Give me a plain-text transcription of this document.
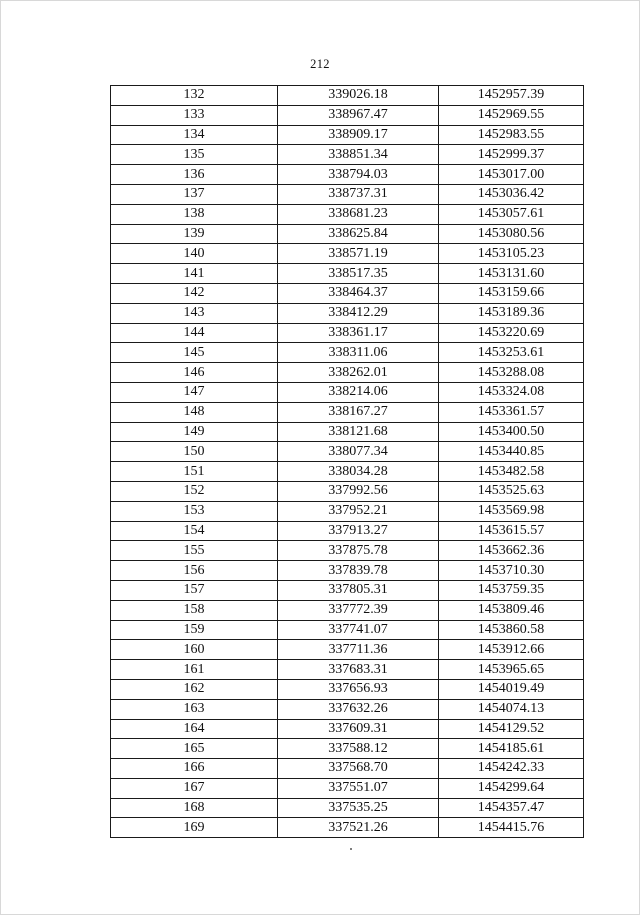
212
132	339026.18	1452957.39
133	338967.47	1452969.55
134	338909.17	1452983.55
135	338851.34	1452999.37
136	338794.03	1453017.00
137	338737.31	1453036.42
138	338681.23	1453057.61
139	338625.84	1453080.56
140	338571.19	1453105.23
141	338517.35	1453131.60
142	338464.37	1453159.66
143	338412.29	1453189.36
144	338361.17	1453220.69
145	338311.06	1453253.61
146	338262.01	1453288.08
147	338214.06	1453324.08
148	338167.27	1453361.57
149	338121.68	1453400.50
150	338077.34	1453440.85
151	338034.28	1453482.58
152	337992.56	1453525.63
153	337952.21	1453569.98
154	337913.27	1453615.57
155	337875.78	1453662.36
156	337839.78	1453710.30
157	337805.31	1453759.35
158	337772.39	1453809.46
159	337741.07	1453860.58
160	337711.36	1453912.66
161	337683.31	1453965.65
162	337656.93	1454019.49
163	337632.26	1454074.13
164	337609.31	1454129.52
165	337588.12	1454185.61
166	337568.70	1454242.33
167	337551.07	1454299.64
168	337535.25	1454357.47
169	337521.26	1454415.76
